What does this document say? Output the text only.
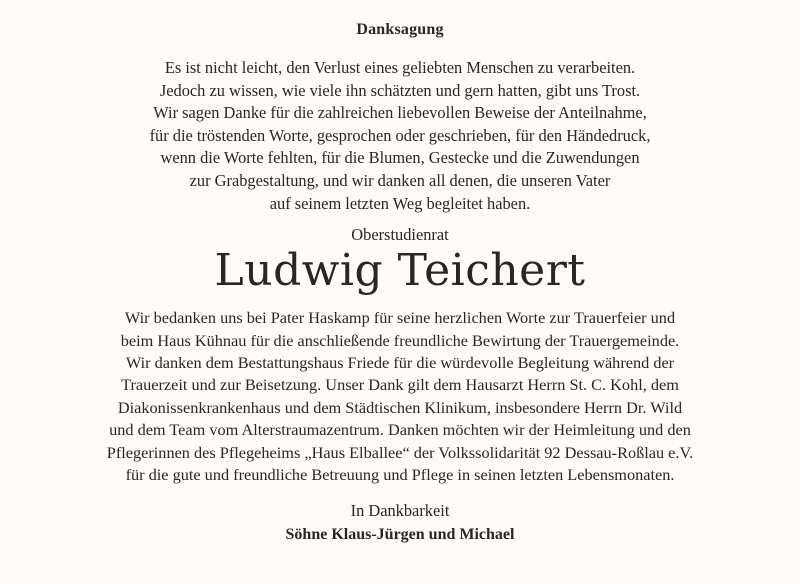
Danksagung

Es ist nicht leicht, den Verlust eines geliebten Menschen zu verarbeiten.
Jedoch zu wissen, wie viele ihn schätzten und gern hatten, gibt uns Trost.
Wir sagen Danke für die zahlreichen liebevollen Beweise der Anteilnahme,
für die tröstenden Worte, gesprochen oder geschrieben, für den Händedruck,
wenn die Worte fehlten, für die Blumen, Gestecke und die Zuwendungen
zur Grabgestaltung, und wir danken all denen, die unseren Vater
auf seinem letzten Weg begleitet haben.

Oberstudienrat

Ludwig Teichert

Wir bedanken uns bei Pater Haskamp für seine herzlichen Worte zur Trauerfeier und
beim Haus Kühnau für die anschließende freundliche Bewirtung der Trauergemeinde.
Wir danken dem Bestattungshaus Friede für die würdevolle Begleitung während der
Trauerzeit und zur Beisetzung. Unser Dank gilt dem Hausarzt Herrn St. C. Kohl, dem
Diakonissenkrankenhaus und dem Städtischen Klinikum, insbesondere Herrn Dr. Wild
und dem Team vom Alterstraumazentrum. Danken möchten wir der Heimleitung und den
Pflegerinnen des Pflegeheims „Haus Elballee“ der Volkssolidarität 92 Dessau-Roßlau e.V.
für die gute und freundliche Betreuung und Pflege in seinen letzten Lebensmonaten.

In Dankbarkeit

Söhne Klaus-Jürgen und Michael
